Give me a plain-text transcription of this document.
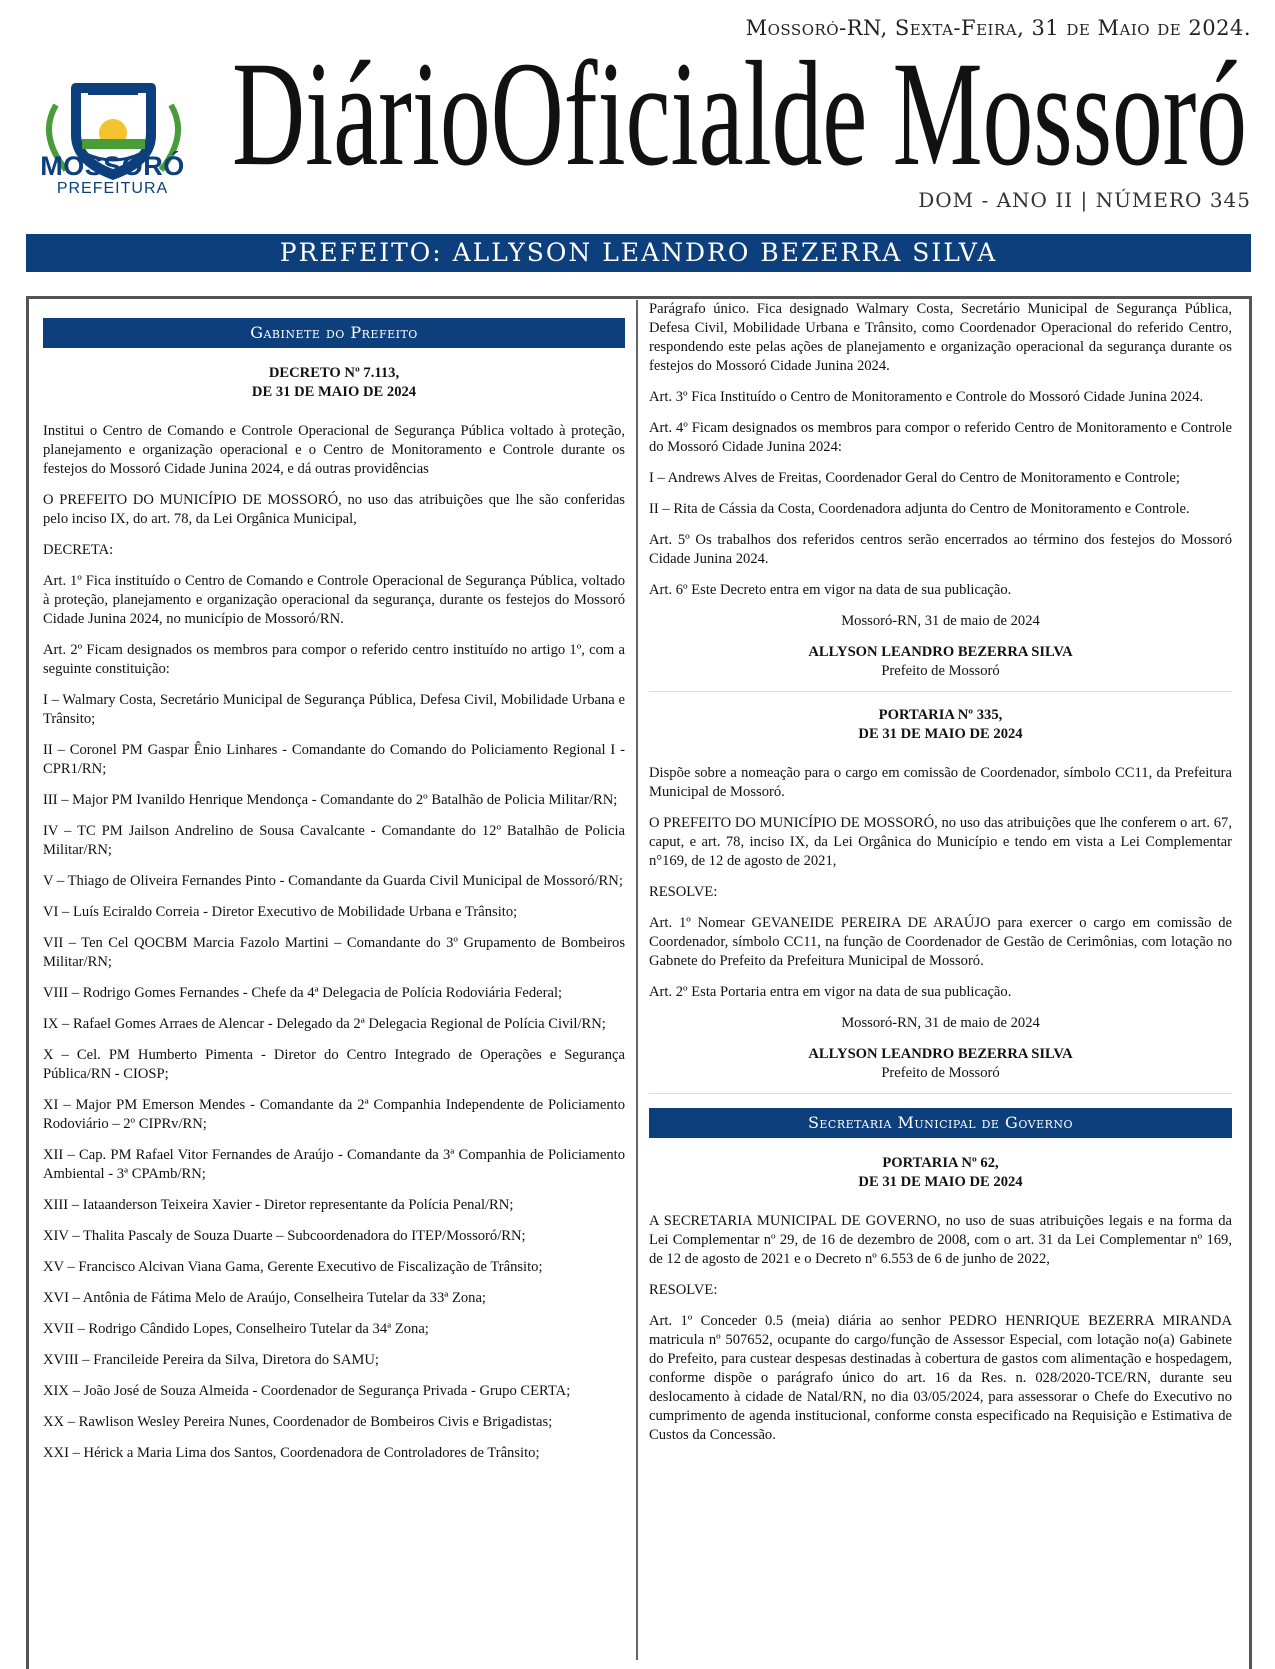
Mossoró-RN, Sexta-Feira, 31 de Maio de 2024.
MOSSORÓ
PREFEITURA DiárioOficialde Mossoró
DOM - ANO II | NÚMERO 345
PREFEITO: ALLYSON LEANDRO BEZERRA SILVA
Gabinete do Prefeito

DECRETO Nº 7.113,

DE 31 DE MAIO DE 2024

Institui o Centro de Comando e Controle Operacional de Segurança Pública voltado à proteção, planejamento e organização operacional e o Centro de Monitoramento e Controle durante os festejos do Mossoró Cidade Junina 2024, e dá outras providências

O PREFEITO DO MUNICÍPIO DE MOSSORÓ, no uso das atribuições que lhe são conferidas pelo inciso IX, do art. 78, da Lei Orgânica Municipal,

DECRETA:

Art. 1º Fica instituído o Centro de Comando e Controle Operacional de Segurança Pública, voltado à proteção, planejamento e organização operacional da segurança, durante os festejos do Mossoró Cidade Junina 2024, no município de Mossoró/RN.

Art. 2º Ficam designados os membros para compor o referido centro instituído no artigo 1º, com a seguinte constituição:

I – Walmary Costa, Secretário Municipal de Segurança Pública, Defesa Civil, Mobilidade Urbana e Trânsito;

II – Coronel PM Gaspar Ênio Linhares - Comandante do Comando do Policiamento Regional I - CPR1/RN;

III – Major PM Ivanildo Henrique Mendonça - Comandante do 2º Batalhão de Policia Militar/RN;

IV – TC PM Jailson Andrelino de Sousa Cavalcante - Comandante do 12º Batalhão de Policia Militar/RN;

V – Thiago de Oliveira Fernandes Pinto - Comandante da Guarda Civil Municipal de Mossoró/RN;

VI – Luís Eciraldo Correia - Diretor Executivo de Mobilidade Urbana e Trânsito;

VII – Ten Cel QOCBM Marcia Fazolo Martini – Comandante do 3º Grupamento de Bombeiros Militar/RN;

VIII – Rodrigo Gomes Fernandes - Chefe da 4ª Delegacia de Polícia Rodoviária Federal;

IX – Rafael Gomes Arraes de Alencar - Delegado da 2ª Delegacia Regional de Polícia Civil/RN;

X – Cel. PM Humberto Pimenta - Diretor do Centro Integrado de Operações e Segurança Pública/RN - CIOSP;

XI – Major PM Emerson Mendes - Comandante da 2ª Companhia Independente de Policiamento Rodoviário – 2º CIPRv/RN;

XII – Cap. PM Rafael Vitor Fernandes de Araújo - Comandante da 3ª Companhia de Policiamento Ambiental - 3ª CPAmb/RN;

XIII – Iataanderson Teixeira Xavier - Diretor representante da Polícia Penal/RN;

XIV – Thalita Pascaly de Souza Duarte – Subcoordenadora do ITEP/Mossoró/RN;

XV – Francisco Alcivan Viana Gama, Gerente Executivo de Fiscalização de Trânsito;

XVI – Antônia de Fátima Melo de Araújo, Conselheira Tutelar da 33ª Zona;

XVII – Rodrigo Cândido Lopes, Conselheiro Tutelar da 34ª Zona;

XVIII – Francileide Pereira da Silva, Diretora do SAMU;

XIX – João José de Souza Almeida - Coordenador de Segurança Privada - Grupo CERTA;

XX – Rawlison Wesley Pereira Nunes, Coordenador de Bombeiros Civis e Brigadistas;

XXI – Hérick a Maria Lima dos Santos, Coordenadora de Controladores de Trânsito;

Parágrafo único. Fica designado Walmary Costa, Secretário Municipal de Segurança Pública, Defesa Civil, Mobilidade Urbana e Trânsito, como Coordenador Operacional do referido Centro, respondendo este pelas ações de planejamento e organização operacional da segurança durante os festejos do Mossoró Cidade Junina 2024.

Art. 3º Fica Instituído o Centro de Monitoramento e Controle do Mossoró Cidade Junina 2024.

Art. 4º Ficam designados os membros para compor o referido Centro de Monitoramento e Controle do Mossoró Cidade Junina 2024:

I – Andrews Alves de Freitas, Coordenador Geral do Centro de Monitoramento e Controle;

II – Rita de Cássia da Costa, Coordenadora adjunta do Centro de Monitoramento e Controle.

Art. 5º Os trabalhos dos referidos centros serão encerrados ao término dos festejos do Mossoró Cidade Junina 2024.

Art. 6º Este Decreto entra em vigor na data de sua publicação.

Mossoró-RN, 31 de maio de 2024

ALLYSON LEANDRO BEZERRA SILVA

Prefeito de Mossoró

PORTARIA Nº 335,

DE 31 DE MAIO DE 2024

Dispõe sobre a nomeação para o cargo em comissão de Coordenador, símbolo CC11, da Prefeitura Municipal de Mossoró.

O PREFEITO DO MUNICÍPIO DE MOSSORÓ, no uso das atribuições que lhe conferem o art. 67, caput, e art. 78, inciso IX, da Lei Orgânica do Município e tendo em vista a Lei Complementar n°169, de 12 de agosto de 2021,

RESOLVE:

Art. 1º Nomear GEVANEIDE PEREIRA DE ARAÚJO para exercer o cargo em comissão de Coordenador, símbolo CC11, na função de Coordenador de Gestão de Cerimônias, com lotação no Gabnete do Prefeito da Prefeitura Municipal de Mossoró.

Art. 2º Esta Portaria entra em vigor na data de sua publicação.

Mossoró-RN, 31 de maio de 2024

ALLYSON LEANDRO BEZERRA SILVA

Prefeito de Mossoró

Secretaria Municipal de Governo

PORTARIA Nº 62,

DE 31 DE MAIO DE 2024

A SECRETARIA MUNICIPAL DE GOVERNO, no uso de suas atribuições legais e na forma da Lei Complementar nº 29, de 16 de dezembro de 2008, com o art. 31 da Lei Complementar nº 169, de 12 de agosto de 2021 e o Decreto nº 6.553 de 6 de junho de 2022,

RESOLVE:

Art. 1º Conceder 0.5 (meia) diária ao senhor PEDRO HENRIQUE BEZERRA MIRANDA matricula nº 507652, ocupante do cargo/função de Assessor Especial, com lotação no(a) Gabinete do Prefeito, para custear despesas destinadas à cobertura de gastos com alimentação e hospedagem, conforme dispõe o parágrafo único do art. 16 da Res. n. 028/2020-TCE/RN, durante seu deslocamento à cidade de Natal/RN, no dia 03/05/2024, para assessorar o Chefe do Executivo no cumprimento de agenda institucional, conforme consta especificado na Requisição e Estimativa de Custos da Concessão.
